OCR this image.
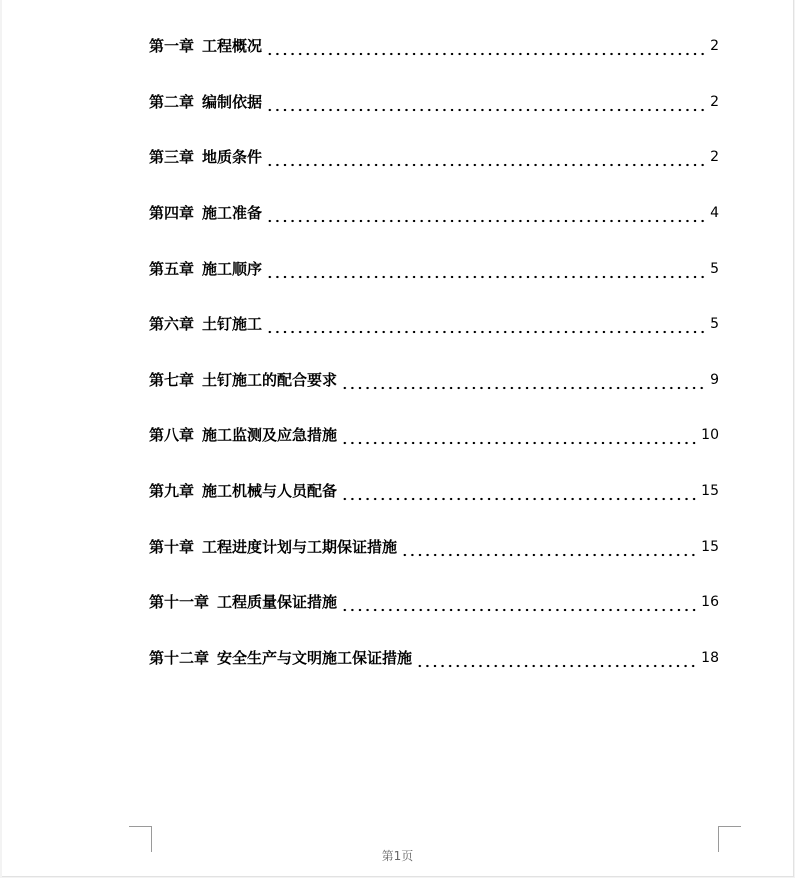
第一章 工程概况	2
第二章 编制依据	2
第三章 地质条件	2
第四章 施工准备	4
第五章 施工顺序	5
第六章 土钉施工	5
第七章 土钉施工的配合要求	9
第八章 施工监测及应急措施	10
第九章 施工机械与人员配备	15
第十章 工程进度计划与工期保证措施	15
第十一章 工程质量保证措施	16
第十二章 安全生产与文明施工保证措施	18
第1页
